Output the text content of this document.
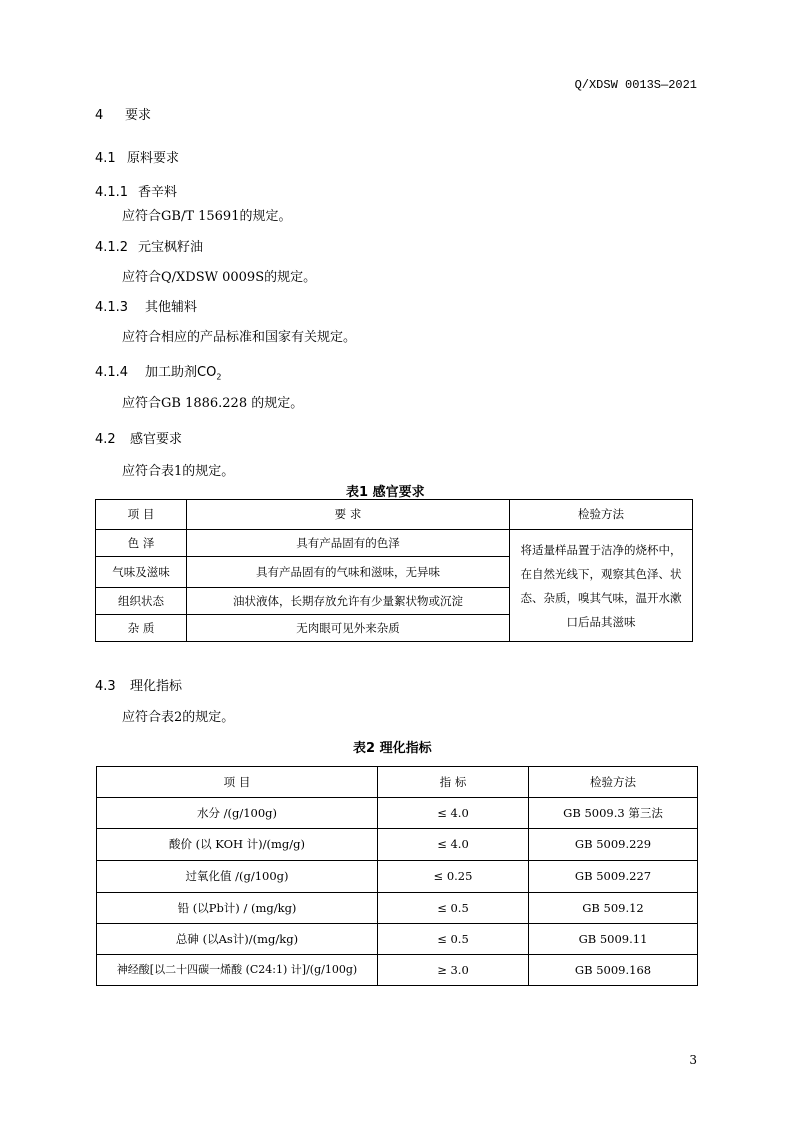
Q/XDSW 0013S—2021
4 要求
4.1 原料要求
4.1.1 香辛料
应符合GB/T 15691的规定。
4.1.2 元宝枫籽油
应符合Q/XDSW 0009S的规定。
4.1.3 其他辅料
应符合相应的产品标准和国家有关规定。
4.1.4 加工助剂$CO_2$
应符合GB 1886.228 的规定。
4.2 感官要求
应符合表1的规定。
表1 感官要求
项 目	要 求	检验方法
色 泽	具有产品固有的色泽	将适量样品置于洁净的烧杯中，
在自然光线下，观察其色泽、状
态、杂质，嗅其气味，温开水漱
口后品其滋味

气味及滋味	具有产品固有的气味和滋味，无异味	
组织状态	油状液体，长期存放允许有少量絮状物或沉淀	
杂 质	无肉眼可见外来杂质	
4.3 理化指标
应符合表2的规定。
表2 理化指标
项 目	指 标	检验方法
水分 /(g/100g)	≤ 4.0	GB 5009.3 第三法
酸价 (以 KOH 计)/(mg/g)	≤ 4.0	GB 5009.229
过氧化值 /(g/100g)	≤ 0.25	GB 5009.227
铅 (以Pb计) / (mg/kg)	≤ 0.5	GB 509.12
总砷 (以As计)/(mg/kg)	≤ 0.5	GB 5009.11
神经酸[以二十四碳一烯酸 (C24:1) 计]/(g/100g)	≥ 3.0	GB 5009.168
3
